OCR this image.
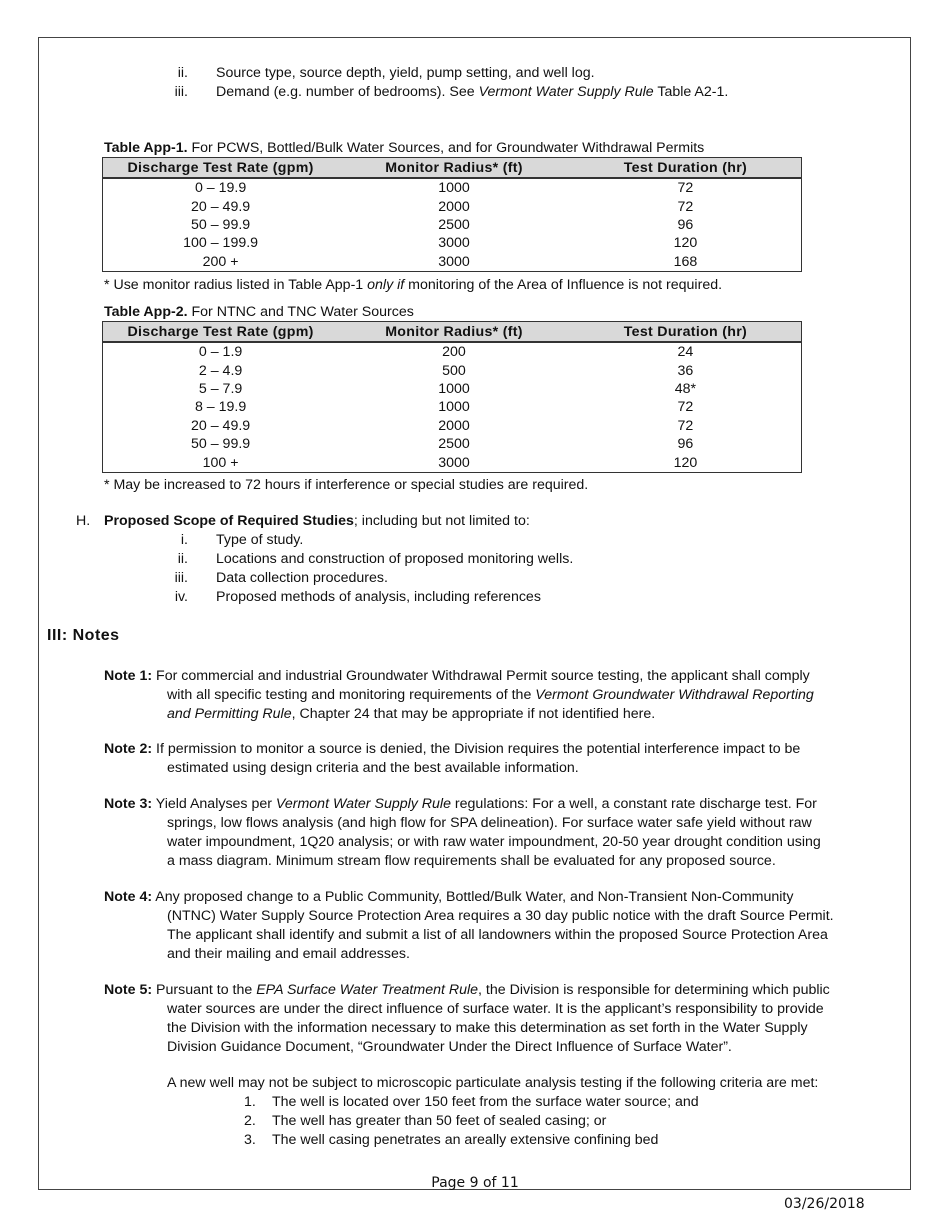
ii. Source type, source depth, yield, pump setting, and well log.
iii. Demand (e.g. number of bedrooms). See Vermont Water Supply Rule Table A2-1.
Table App-1. For PCWS, Bottled/Bulk Water Sources, and for Groundwater Withdrawal Permits
Discharge Test Rate (gpm)	Monitor Radius* (ft)	Test Duration (hr)
0 – 19.9	1000	72
20 – 49.9	2000	72
50 – 99.9	2500	96
100 – 199.9	3000	120
200 +	3000	168
* Use monitor radius listed in Table App-1 only if monitoring of the Area of Influence is not required.
Table App-2. For NTNC and TNC Water Sources
Discharge Test Rate (gpm)	Monitor Radius* (ft)	Test Duration (hr)
0 – 1.9	200	24
2 – 4.9	500	36
5 – 7.9	1000	48*
8 – 19.9	1000	72
20 – 49.9	2000	72
50 – 99.9	2500	96
100 +	3000	120
* May be increased to 72 hours if interference or special studies are required.
H. Proposed Scope of Required Studies; including but not limited to:
i. Type of study.
ii. Locations and construction of proposed monitoring wells.
iii. Data collection procedures.
iv. Proposed methods of analysis, including references
III: Notes
Note 1: For commercial and industrial Groundwater Withdrawal Permit source testing, the applicant shall comply
with all specific testing and monitoring requirements of the Vermont Groundwater Withdrawal Reporting
and Permitting Rule, Chapter 24 that may be appropriate if not identified here.
Note 2: If permission to monitor a source is denied, the Division requires the potential interference impact to be
estimated using design criteria and the best available information.
Note 3: Yield Analyses per Vermont Water Supply Rule regulations: For a well, a constant rate discharge test. For
springs, low flows analysis (and high flow for SPA delineation). For surface water safe yield without raw
water impoundment, 1Q20 analysis; or with raw water impoundment, 20-50 year drought condition using
a mass diagram. Minimum stream flow requirements shall be evaluated for any proposed source.
Note 4: Any proposed change to a Public Community, Bottled/Bulk Water, and Non-Transient Non-Community
(NTNC) Water Supply Source Protection Area requires a 30 day public notice with the draft Source Permit.
The applicant shall identify and submit a list of all landowners within the proposed Source Protection Area
and their mailing and email addresses.
Note 5: Pursuant to the EPA Surface Water Treatment Rule, the Division is responsible for determining which public
water sources are under the direct influence of surface water. It is the applicant’s responsibility to provide
the Division with the information necessary to make this determination as set forth in the Water Supply
Division Guidance Document, “Groundwater Under the Direct Influence of Surface Water”.
A new well may not be subject to microscopic particulate analysis testing if the following criteria are met:
1. The well is located over 150 feet from the surface water source; and
2. The well has greater than 50 feet of sealed casing; or
3. The well casing penetrates an areally extensive confining bed
Page 9 of 11
03/26/2018
